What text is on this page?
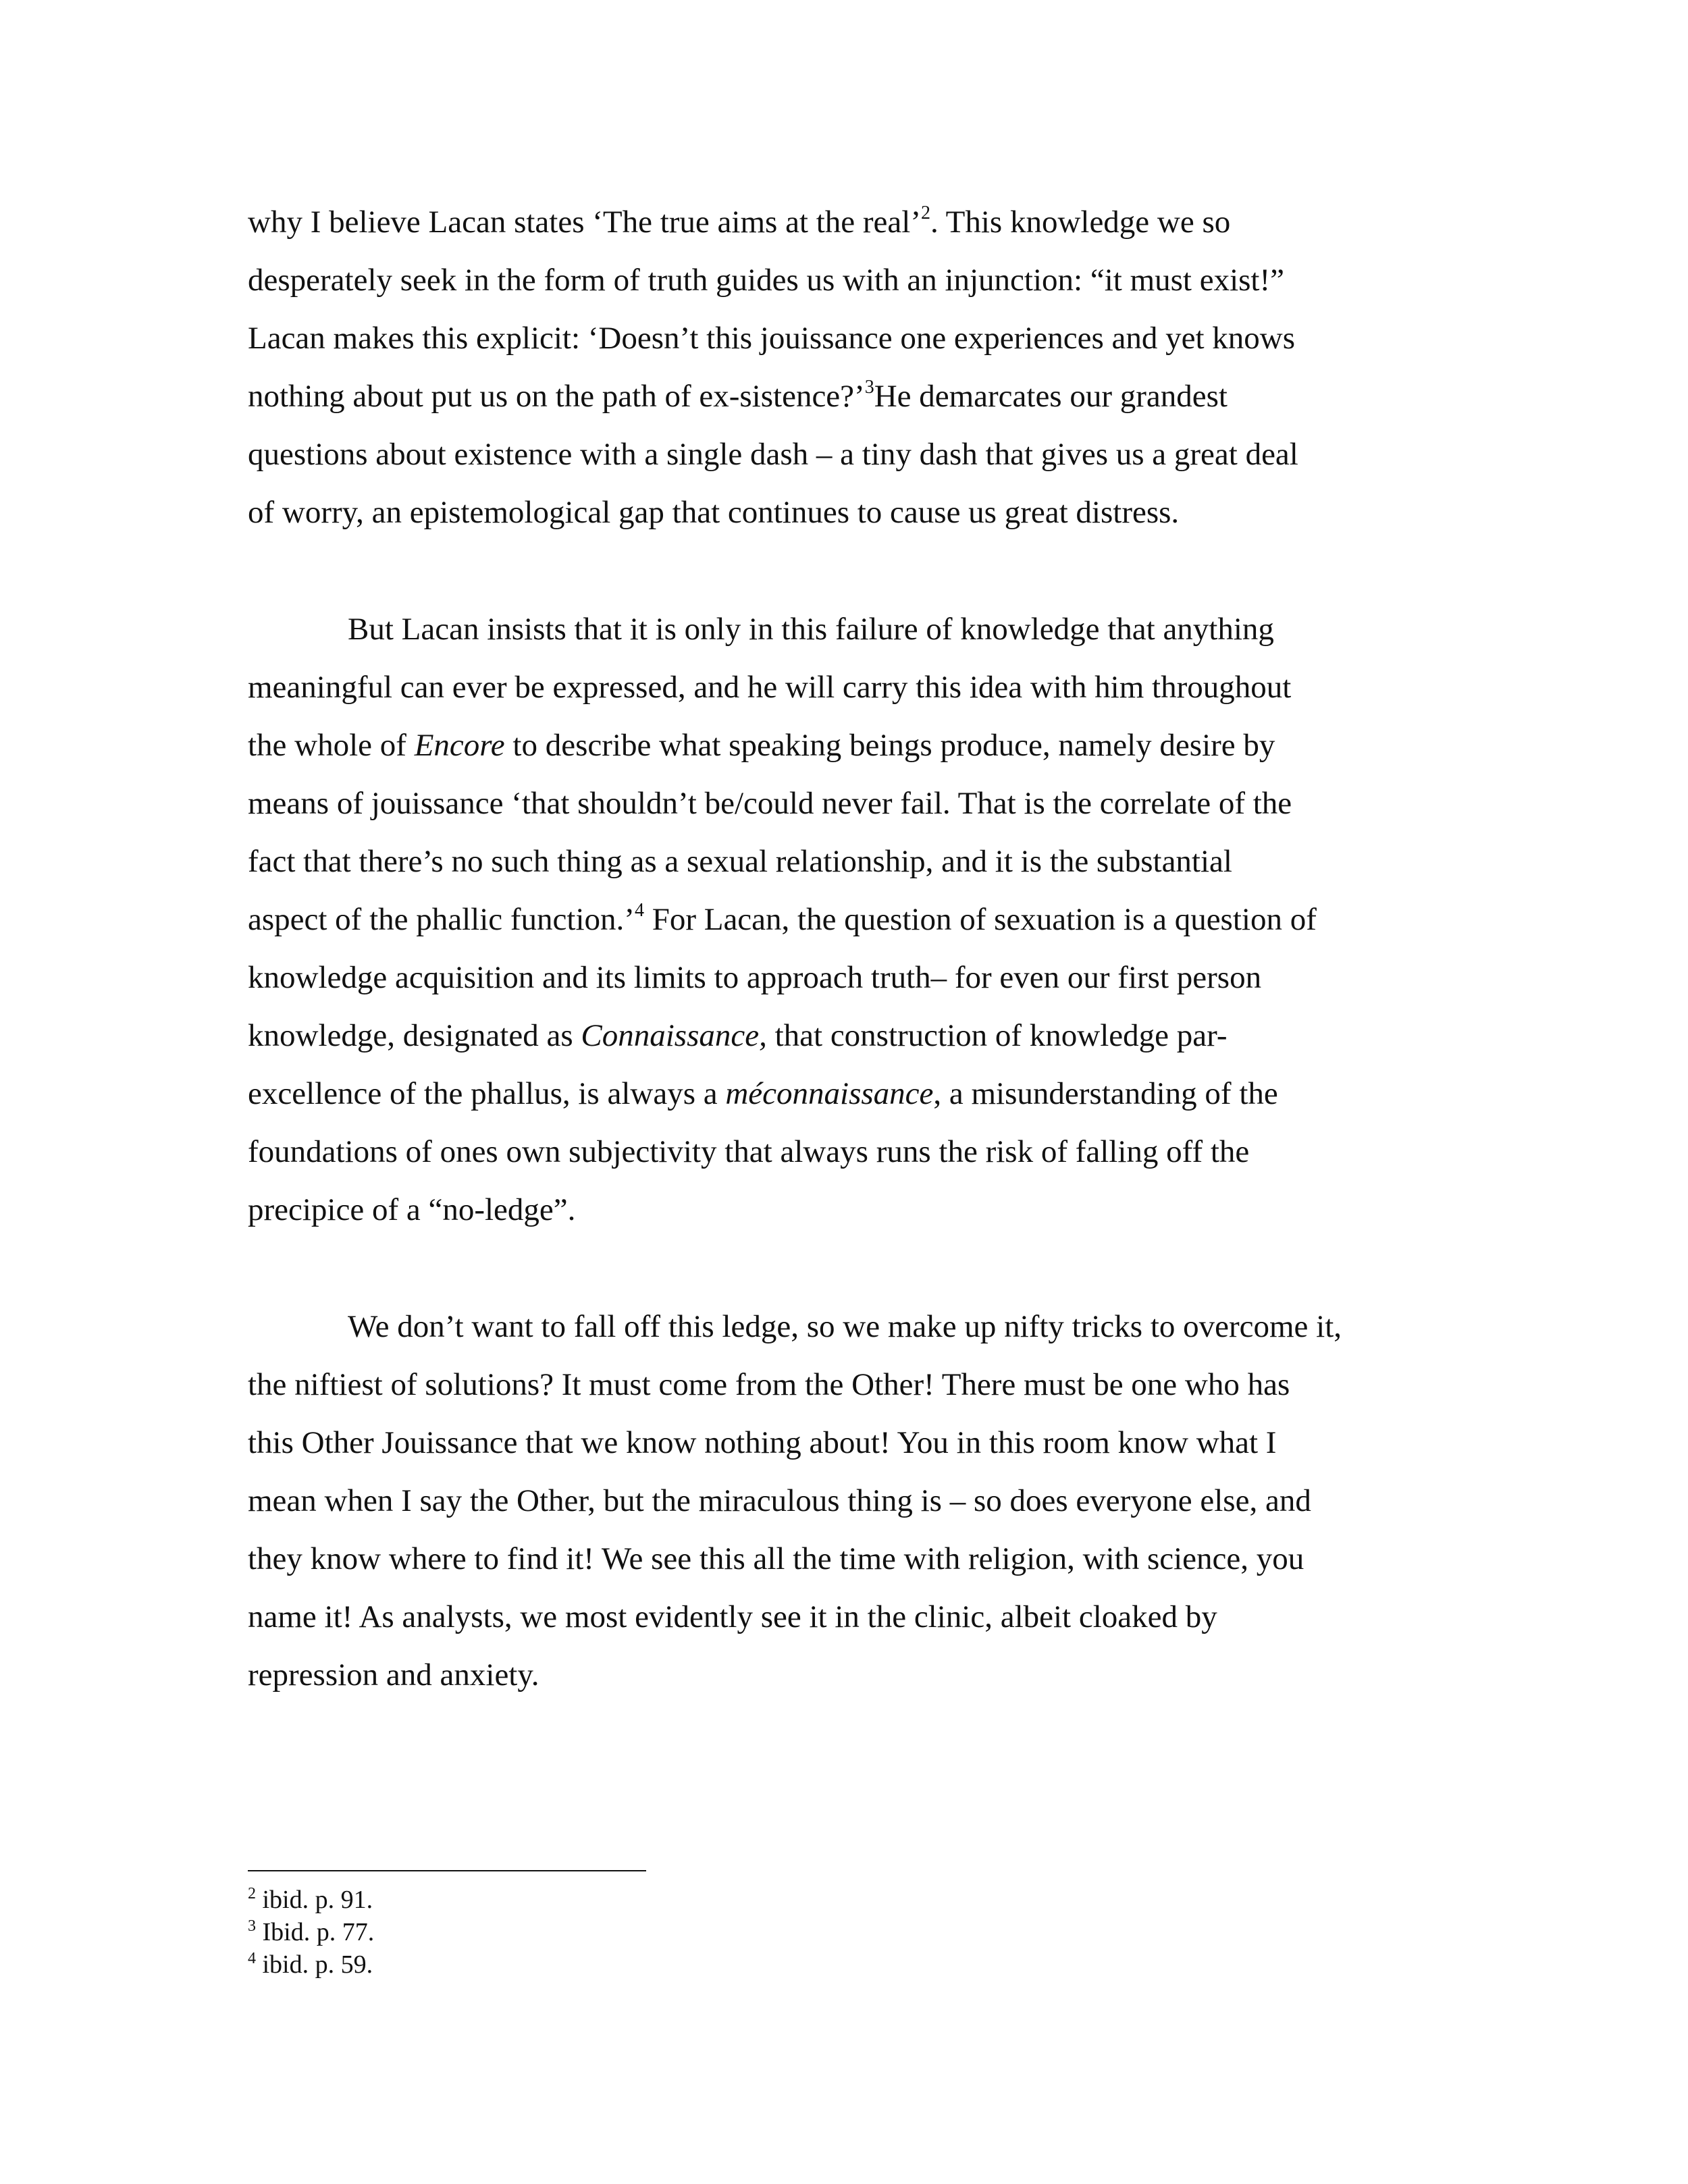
why I believe Lacan states ‘The true aims at the real’$^2$. This knowledge we so
desperately seek in the form of truth guides us with an injunction: “it must exist!”
Lacan makes this explicit: ‘Doesn’t this jouissance one experiences and yet knows
nothing about put us on the path of ex-sistence?’$^3$He demarcates our grandest
questions about existence with a single dash – a tiny dash that gives us a great deal
of worry, an epistemological gap that continues to cause us great distress.
But Lacan insists that it is only in this failure of knowledge that anything
meaningful can ever be expressed, and he will carry this idea with him throughout
the whole of Encore to describe what speaking beings produce, namely desire by
means of jouissance ‘that shouldn’t be/could never fail. That is the correlate of the
fact that there’s no such thing as a sexual relationship, and it is the substantial
aspect of the phallic function.’$^4$ For Lacan, the question of sexuation is a question of
knowledge acquisition and its limits to approach truth– for even our first person
knowledge, designated as Connaissance, that construction of knowledge par-
excellence of the phallus, is always a méconnaissance, a misunderstanding of the
foundations of ones own subjectivity that always runs the risk of falling off the
precipice of a “no-ledge”.
We don’t want to fall off this ledge, so we make up nifty tricks to overcome it,
the niftiest of solutions? It must come from the Other! There must be one who has
this Other Jouissance that we know nothing about! You in this room know what I
mean when I say the Other, but the miraculous thing is – so does everyone else, and
they know where to find it! We see this all the time with religion, with science, you
name it! As analysts, we most evidently see it in the clinic, albeit cloaked by
repression and anxiety.
$^2$ ibid. p. 91.
$^3$ Ibid. p. 77.
$^4$ ibid. p. 59.
